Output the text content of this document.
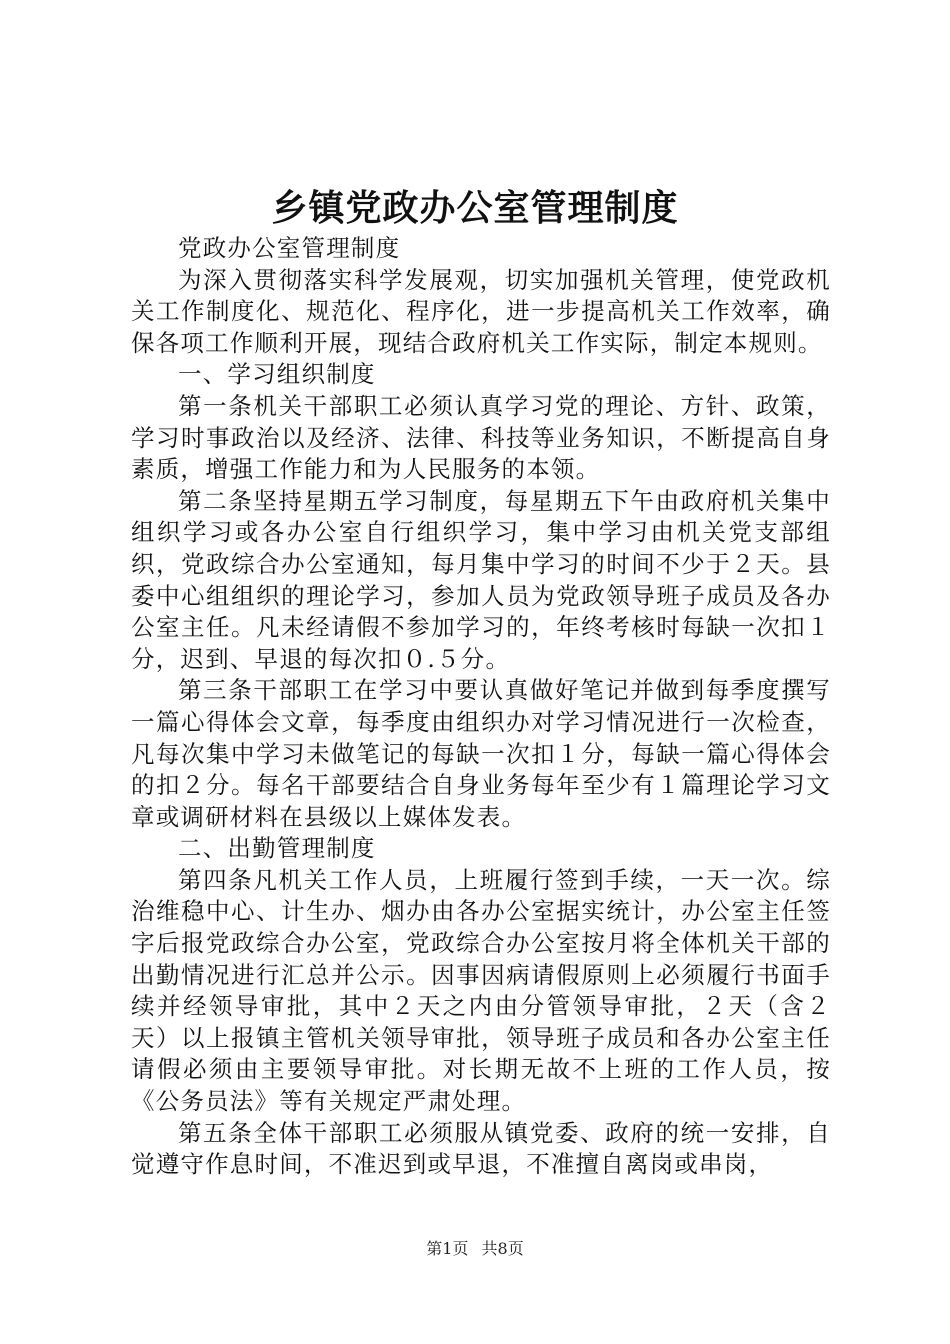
乡镇党政办公室管理制度

党政办公室管理制度

为深入贯彻落实科学发展观，切实加强机关管理，使党政机关工作制度化、规范化、程序化，进一步提高机关工作效率，确保各项工作顺利开展，现结合政府机关工作实际，制定本规则。

一、学习组织制度

第一条机关干部职工必须认真学习党的理论、方针、政策，学习时事政治以及经济、法律、科技等业务知识，不断提高自身素质，增强工作能力和为人民服务的本领。

第二条坚持星期五学习制度，每星期五下午由政府机关集中组织学习或各办公室自行组织学习，集中学习由机关党支部组织，党政综合办公室通知，每月集中学习的时间不少于２天。县委中心组组织的理论学习，参加人员为党政领导班子成员及各办公室主任。凡未经请假不参加学习的，年终考核时每缺一次扣１分，迟到、早退的每次扣０.５分。

第三条干部职工在学习中要认真做好笔记并做到每季度撰写一篇心得体会文章，每季度由组织办对学习情况进行一次检查，凡每次集中学习未做笔记的每缺一次扣１分，每缺一篇心得体会的扣２分。每名干部要结合自身业务每年至少有１篇理论学习文章或调研材料在县级以上媒体发表。

二、出勤管理制度

第四条凡机关工作人员，上班履行签到手续，一天一次。综治维稳中心、计生办、烟办由各办公室据实统计，办公室主任签字后报党政综合办公室，党政综合办公室按月将全体机关干部的出勤情况进行汇总并公示。因事因病请假原则上必须履行书面手续并经领导审批，其中２天之内由分管领导审批，２天（含２天）以上报镇主管机关领导审批，领导班子成员和各办公室主任请假必须由主要领导审批。对长期无故不上班的工作人员，按《公务员法》等有关规定严肃处理。

第五条全体干部职工必须服从镇党委、政府的统一安排，自觉遵守作息时间，不准迟到或早退，不准擅自离岗或串岗，

第1页 共8页
